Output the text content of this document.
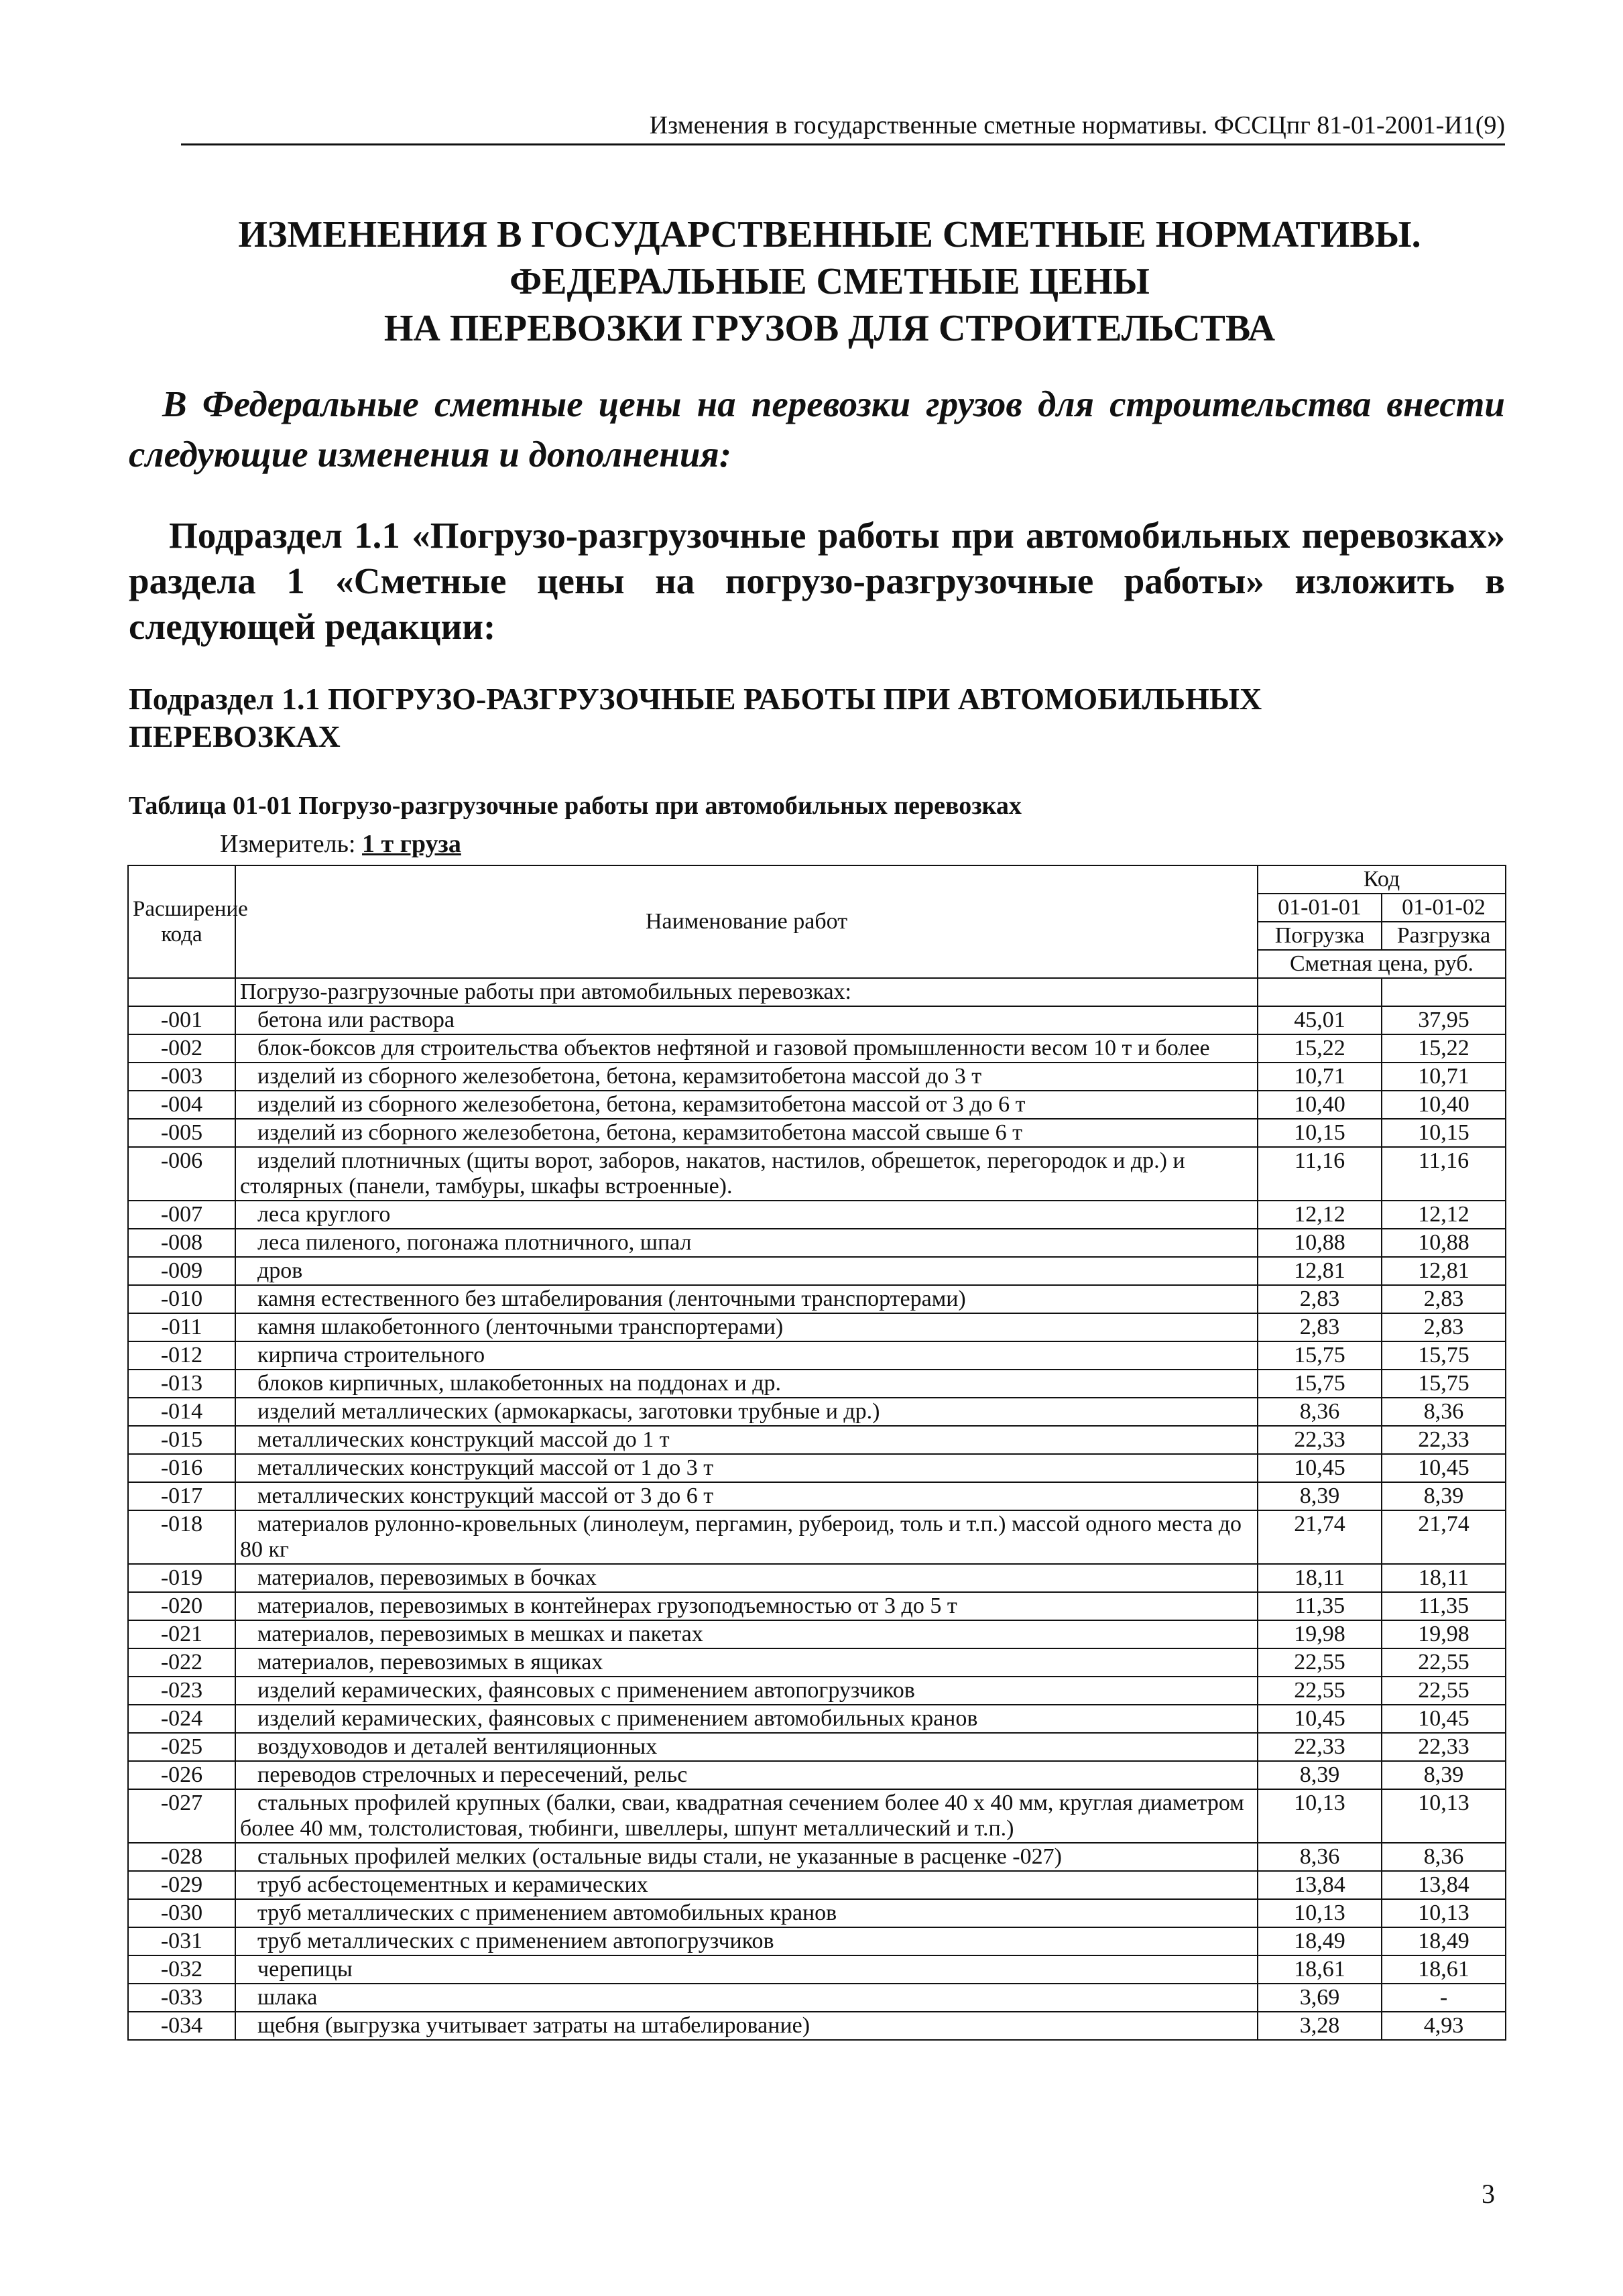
Изменения в государственные сметные нормативы. ФССЦпг 81-01-2001-И1(9)
ИЗМЕНЕНИЯ В ГОСУДАРСТВЕННЫЕ СМЕТНЫЕ НОРМАТИВЫ.
ФЕДЕРАЛЬНЫЕ СМЕТНЫЕ ЦЕНЫ
НА ПЕРЕВОЗКИ ГРУЗОВ ДЛЯ СТРОИТЕЛЬСТВА
В Федеральные сметные цены на перевозки грузов для строительства внести следующие изменения и дополнения:
Подраздел 1.1 «Погрузо-разгрузочные работы при автомобильных перевозках» раздела 1 «Сметные цены на погрузо-разгрузочные работы» изложить в следующей редакции:
Подраздел 1.1 ПОГРУЗО-РАЗГРУЗОЧНЫЕ РАБОТЫ ПРИ АВТОМОБИЛЬНЫХ ПЕРЕВОЗКАХ
Таблица 01-01 Погрузо-разгрузочные работы при автомобильных перевозках
Измеритель: 1 т груза
Расширение кода	Наименование работ	Код	
		01-01-01	01-01-02
		Погрузка	Разгрузка
		Сметная цена, руб.	
	Погрузо-разгрузочные работы при автомобильных перевозках:		
-001	бетона или раствора	45,01	37,95
-002	блок-боксов для строительства объектов нефтяной и газовой промышленности весом 10 т и более	15,22	15,22
-003	изделий из сборного железобетона, бетона, керамзитобетона массой до 3 т	10,71	10,71
-004	изделий из сборного железобетона, бетона, керамзитобетона массой от 3 до 6 т	10,40	10,40
-005	изделий из сборного железобетона, бетона, керамзитобетона массой свыше 6 т	10,15	10,15
-006	изделий плотничных (щиты ворот, заборов, накатов, настилов, обрешеток, перегородок и др.) и столярных (панели, тамбуры, шкафы встроенные).	11,16	11,16
-007	леса круглого	12,12	12,12
-008	леса пиленого, погонажа плотничного, шпал	10,88	10,88
-009	дров	12,81	12,81
-010	камня естественного без штабелирования (ленточными транспортерами)	2,83	2,83
-011	камня шлакобетонного (ленточными транспортерами)	2,83	2,83
-012	кирпича строительного	15,75	15,75
-013	блоков кирпичных, шлакобетонных на поддонах и др.	15,75	15,75
-014	изделий металлических (армокаркасы, заготовки трубные и др.)	8,36	8,36
-015	металлических конструкций массой до 1 т	22,33	22,33
-016	металлических конструкций массой от 1 до 3 т	10,45	10,45
-017	металлических конструкций массой от 3 до 6 т	8,39	8,39
-018	материалов рулонно-кровельных (линолеум, пергамин, рубероид, толь и т.п.) массой одного места до 80 кг	21,74	21,74
-019	материалов, перевозимых в бочках	18,11	18,11
-020	материалов, перевозимых в контейнерах грузоподъемностью от 3 до 5 т	11,35	11,35
-021	материалов, перевозимых в мешках и пакетах	19,98	19,98
-022	материалов, перевозимых в ящиках	22,55	22,55
-023	изделий керамических, фаянсовых с применением автопогрузчиков	22,55	22,55
-024	изделий керамических, фаянсовых с применением автомобильных кранов	10,45	10,45
-025	воздуховодов и деталей вентиляционных	22,33	22,33
-026	переводов стрелочных и пересечений, рельс	8,39	8,39
-027	стальных профилей крупных (балки, сваи, квадратная сечением более 40 х 40 мм, круглая диаметром более 40 мм, толстолистовая, тюбинги, швеллеры, шпунт металлический и т.п.)	10,13	10,13
-028	стальных профилей мелких (остальные виды стали, не указанные в расценке -027)	8,36	8,36
-029	труб асбестоцементных и керамических	13,84	13,84
-030	труб металлических с применением автомобильных кранов	10,13	10,13
-031	труб металлических с применением автопогрузчиков	18,49	18,49
-032	черепицы	18,61	18,61
-033	шлака	3,69	-
-034	щебня (выгрузка учитывает затраты на штабелирование)	3,28	4,93
3
